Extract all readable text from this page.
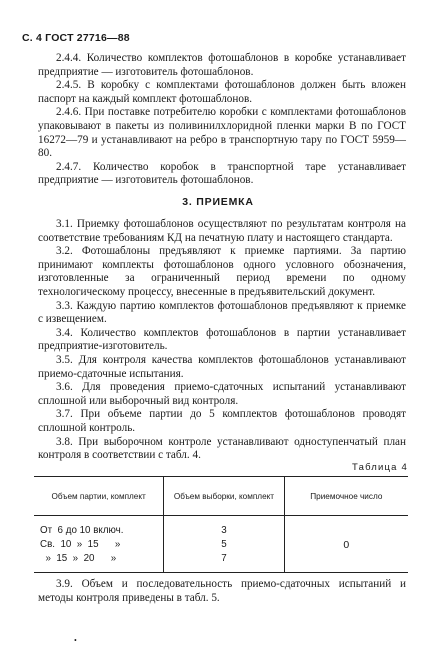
С. 4 ГОСТ 27716—88

2.4.4. Количество комплектов фотошаблонов в коробке устанавливает предприятие — изготовитель фотошаблонов.

2.4.5. В коробку с комплектами фотошаблонов должен быть вложен паспорт на каждый комплект фотошаблонов.

2.4.6. При поставке потребителю коробки с комплектами фотошаблонов упаковывают в пакеты из поливинилхлоридной пленки марки В по ГОСТ 16272—79 и устанавливают на ребро в транспортную тару по ГОСТ 5959—80.

2.4.7. Количество коробок в транспортной таре устанавливает предприятие — изготовитель фотошаблонов.

3. ПРИЕМКА

3.1. Приемку фотошаблонов осуществляют по результатам контроля на соответствие требованиям КД на печатную плату и настоящего стандарта.

3.2. Фотошаблоны предъявляют к приемке партиями. За партию принимают комплекты фотошаблонов одного условного обозначения, изготовленные за ограниченный период времени по одному технологическому процессу, внесенные в предъявительский документ.

3.3. Каждую партию комплектов фотошаблонов предъявляют к приемке с извещением.

3.4. Количество комплектов фотошаблонов в партии устанавливает предприятие-изготовитель.

3.5. Для контроля качества комплектов фотошаблонов устанавливают приемо-сдаточные испытания.

3.6. Для проведения приемо-сдаточных испытаний устанавливают сплошной или выборочный вид контроля.

3.7. При объеме партии до 5 комплектов фотошаблонов проводят сплошной контроль.

3.8. При выборочном контроле устанавливают одноступенчатый план контроля в соответствии с табл. 4.

Таблица 4
Объем партии, комплект	Объем выборки, комплект	Приемочное число
От  6 до 10 включ.
Св.  10  »  15      »
»  15  »  20      »
3
5
7
0

3.9. Объем и последовательность приемо-сдаточных испытаний и методы контроля приведены в табл. 5.

•
